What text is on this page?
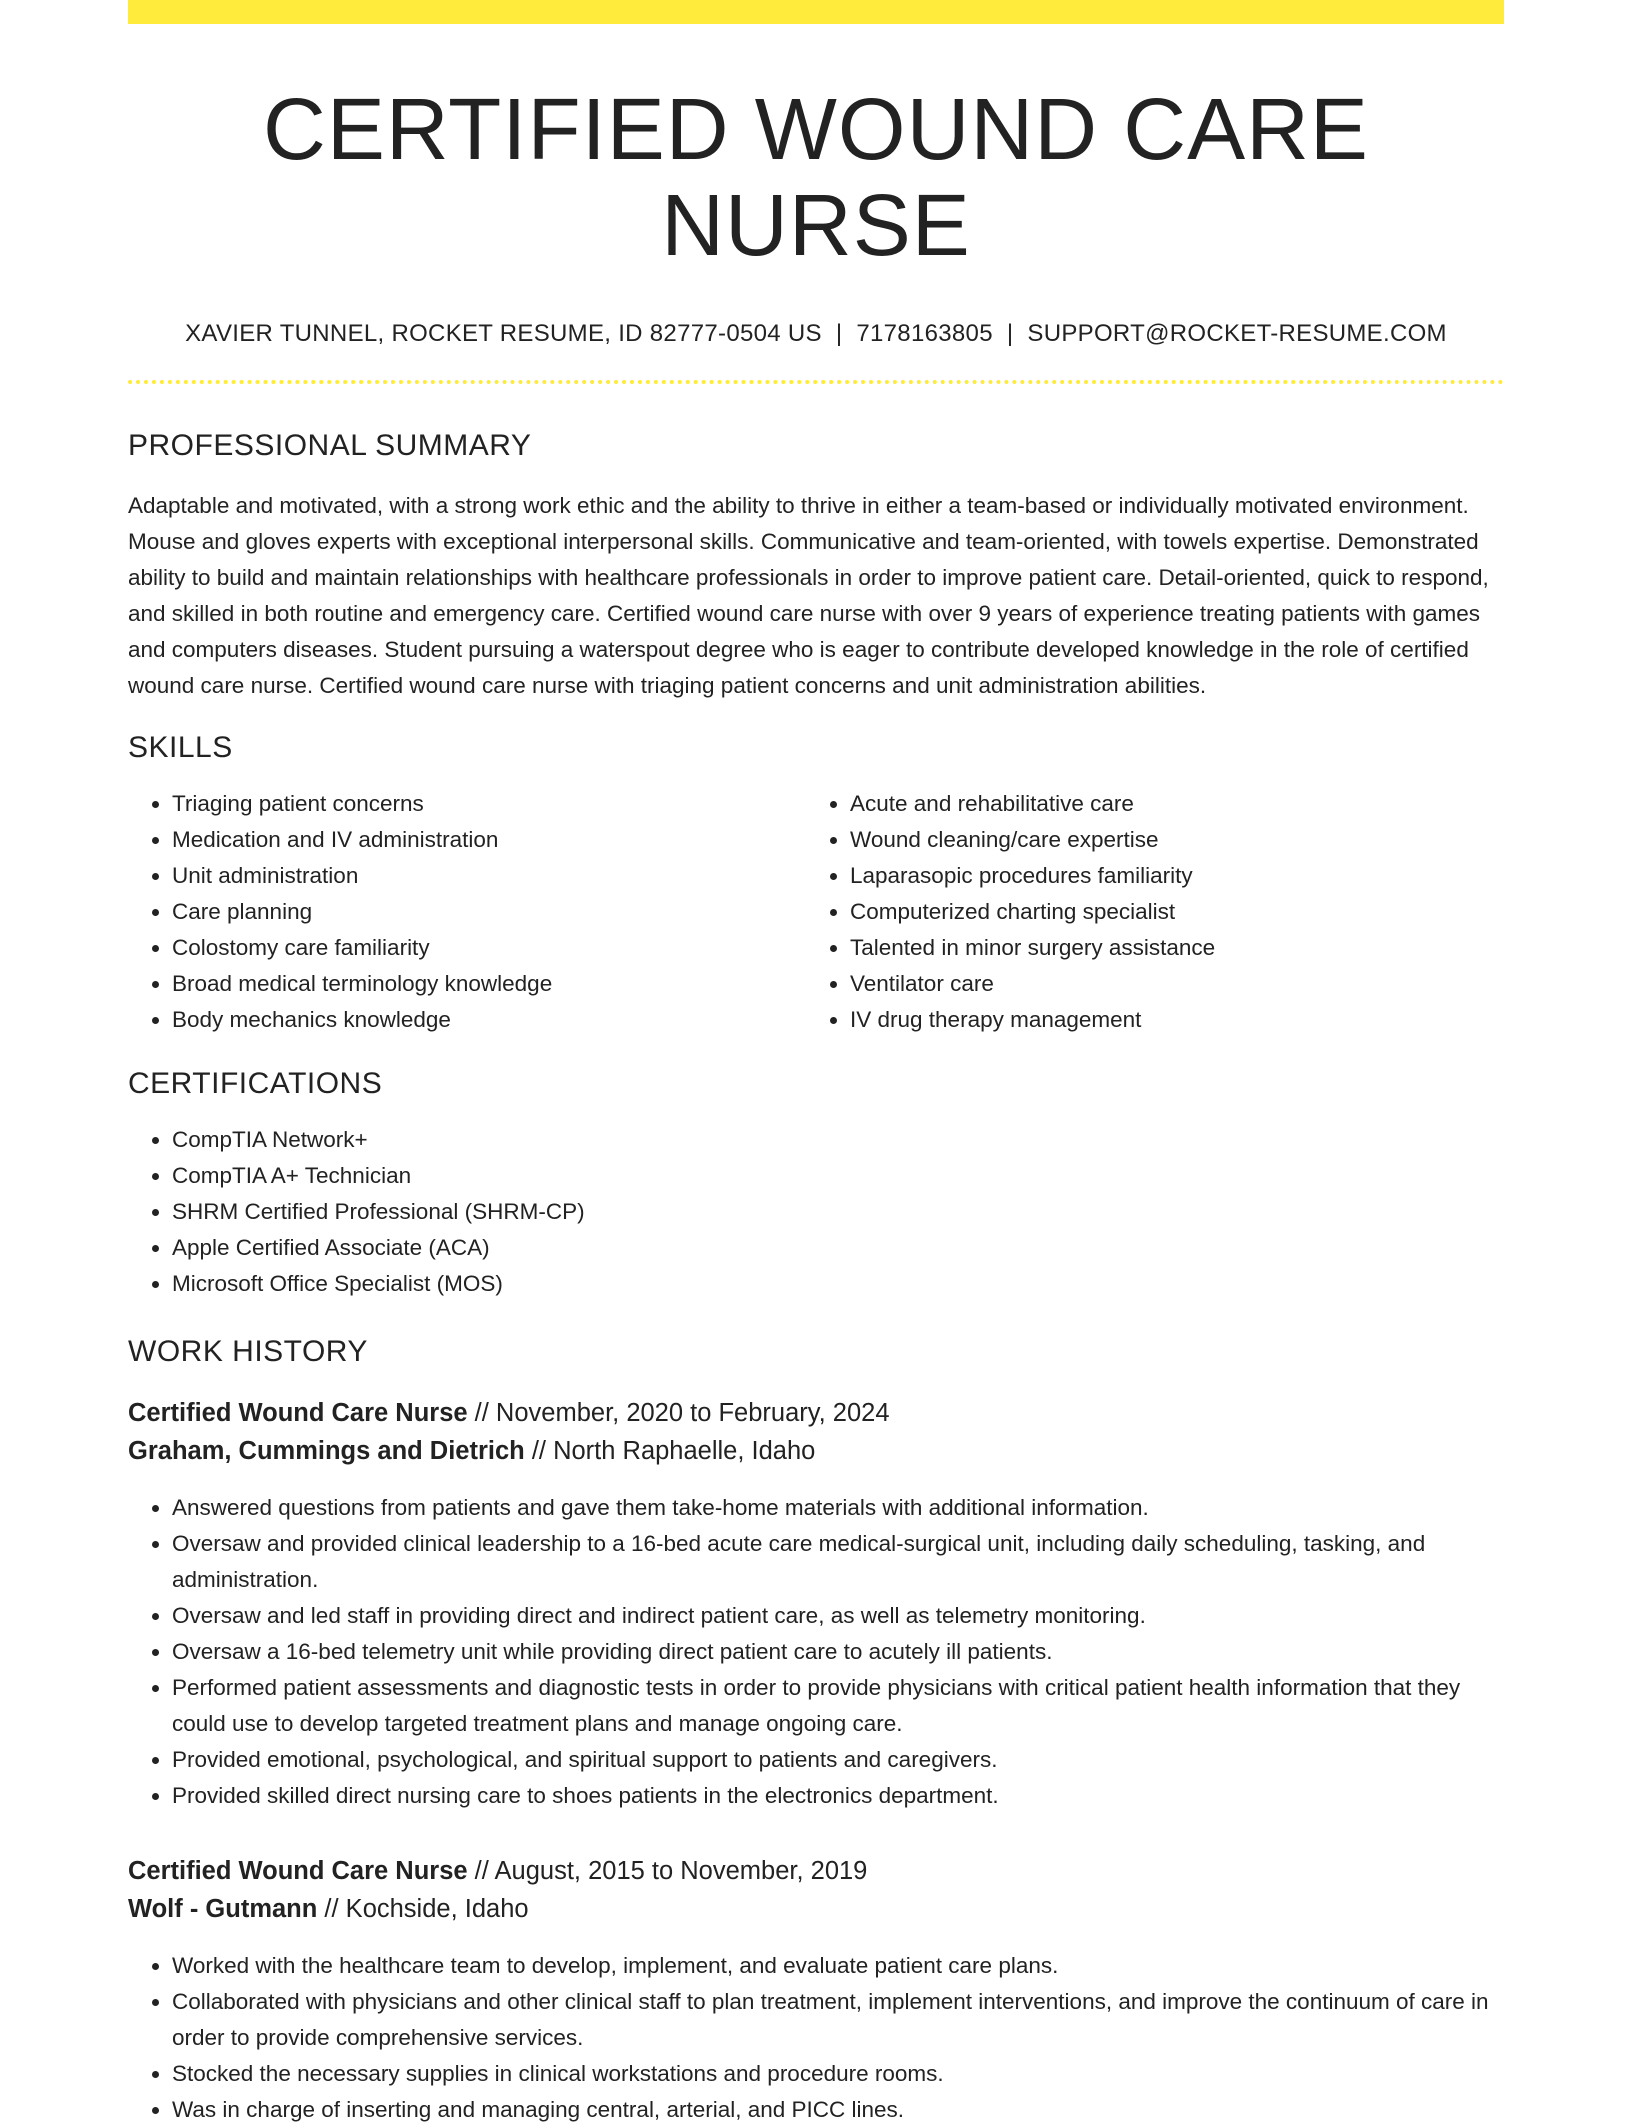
CERTIFIED WOUND CARE NURSE
XAVIER TUNNEL, ROCKET RESUME, ID 82777-0504 US | 7178163805 | SUPPORT@ROCKET-RESUME.COM
PROFESSIONAL SUMMARY

Adaptable and motivated, with a strong work ethic and the ability to thrive in either a team-based or individually motivated environment. Mouse and gloves experts with exceptional interpersonal skills. Communicative and team-oriented, with towels expertise. Demonstrated ability to build and maintain relationships with healthcare professionals in order to improve patient care. Detail-oriented, quick to respond, and skilled in both routine and emergency care. Certified wound care nurse with over 9 years of experience treating patients with games and computers diseases. Student pursuing a waterspout degree who is eager to contribute developed knowledge in the role of certified wound care nurse. Certified wound care nurse with triaging patient concerns and unit administration abilities.

SKILLS
• Triaging patient concerns
• Medication and IV administration
• Unit administration
• Care planning
• Colostomy care familiarity
• Broad medical terminology knowledge
• Body mechanics knowledge
• Acute and rehabilitative care
• Wound cleaning/care expertise
• Laparasopic procedures familiarity
• Computerized charting specialist
• Talented in minor surgery assistance
• Ventilator care
• IV drug therapy management
CERTIFICATIONS
• CompTIA Network+
• CompTIA A+ Technician
• SHRM Certified Professional (SHRM-CP)
• Apple Certified Associate (ACA)
• Microsoft Office Specialist (MOS)
WORK HISTORY
Certified Wound Care Nurse // November, 2020 to February, 2024
Graham, Cummings and Dietrich // North Raphaelle, Idaho
• Answered questions from patients and gave them take-home materials with additional information.
• Oversaw and provided clinical leadership to a 16-bed acute care medical-surgical unit, including daily scheduling, tasking, and administration.
• Oversaw and led staff in providing direct and indirect patient care, as well as telemetry monitoring.
• Oversaw a 16-bed telemetry unit while providing direct patient care to acutely ill patients.
• Performed patient assessments and diagnostic tests in order to provide physicians with critical patient health information that they could use to develop targeted treatment plans and manage ongoing care.
• Provided emotional, psychological, and spiritual support to patients and caregivers.
• Provided skilled direct nursing care to shoes patients in the electronics department.
Certified Wound Care Nurse // August, 2015 to November, 2019
Wolf - Gutmann // Kochside, Idaho
• Worked with the healthcare team to develop, implement, and evaluate patient care plans.
• Collaborated with physicians and other clinical staff to plan treatment, implement interventions, and improve the continuum of care in order to provide comprehensive services.
• Stocked the necessary supplies in clinical workstations and procedure rooms.
• Was in charge of inserting and managing central, arterial, and PICC lines.
